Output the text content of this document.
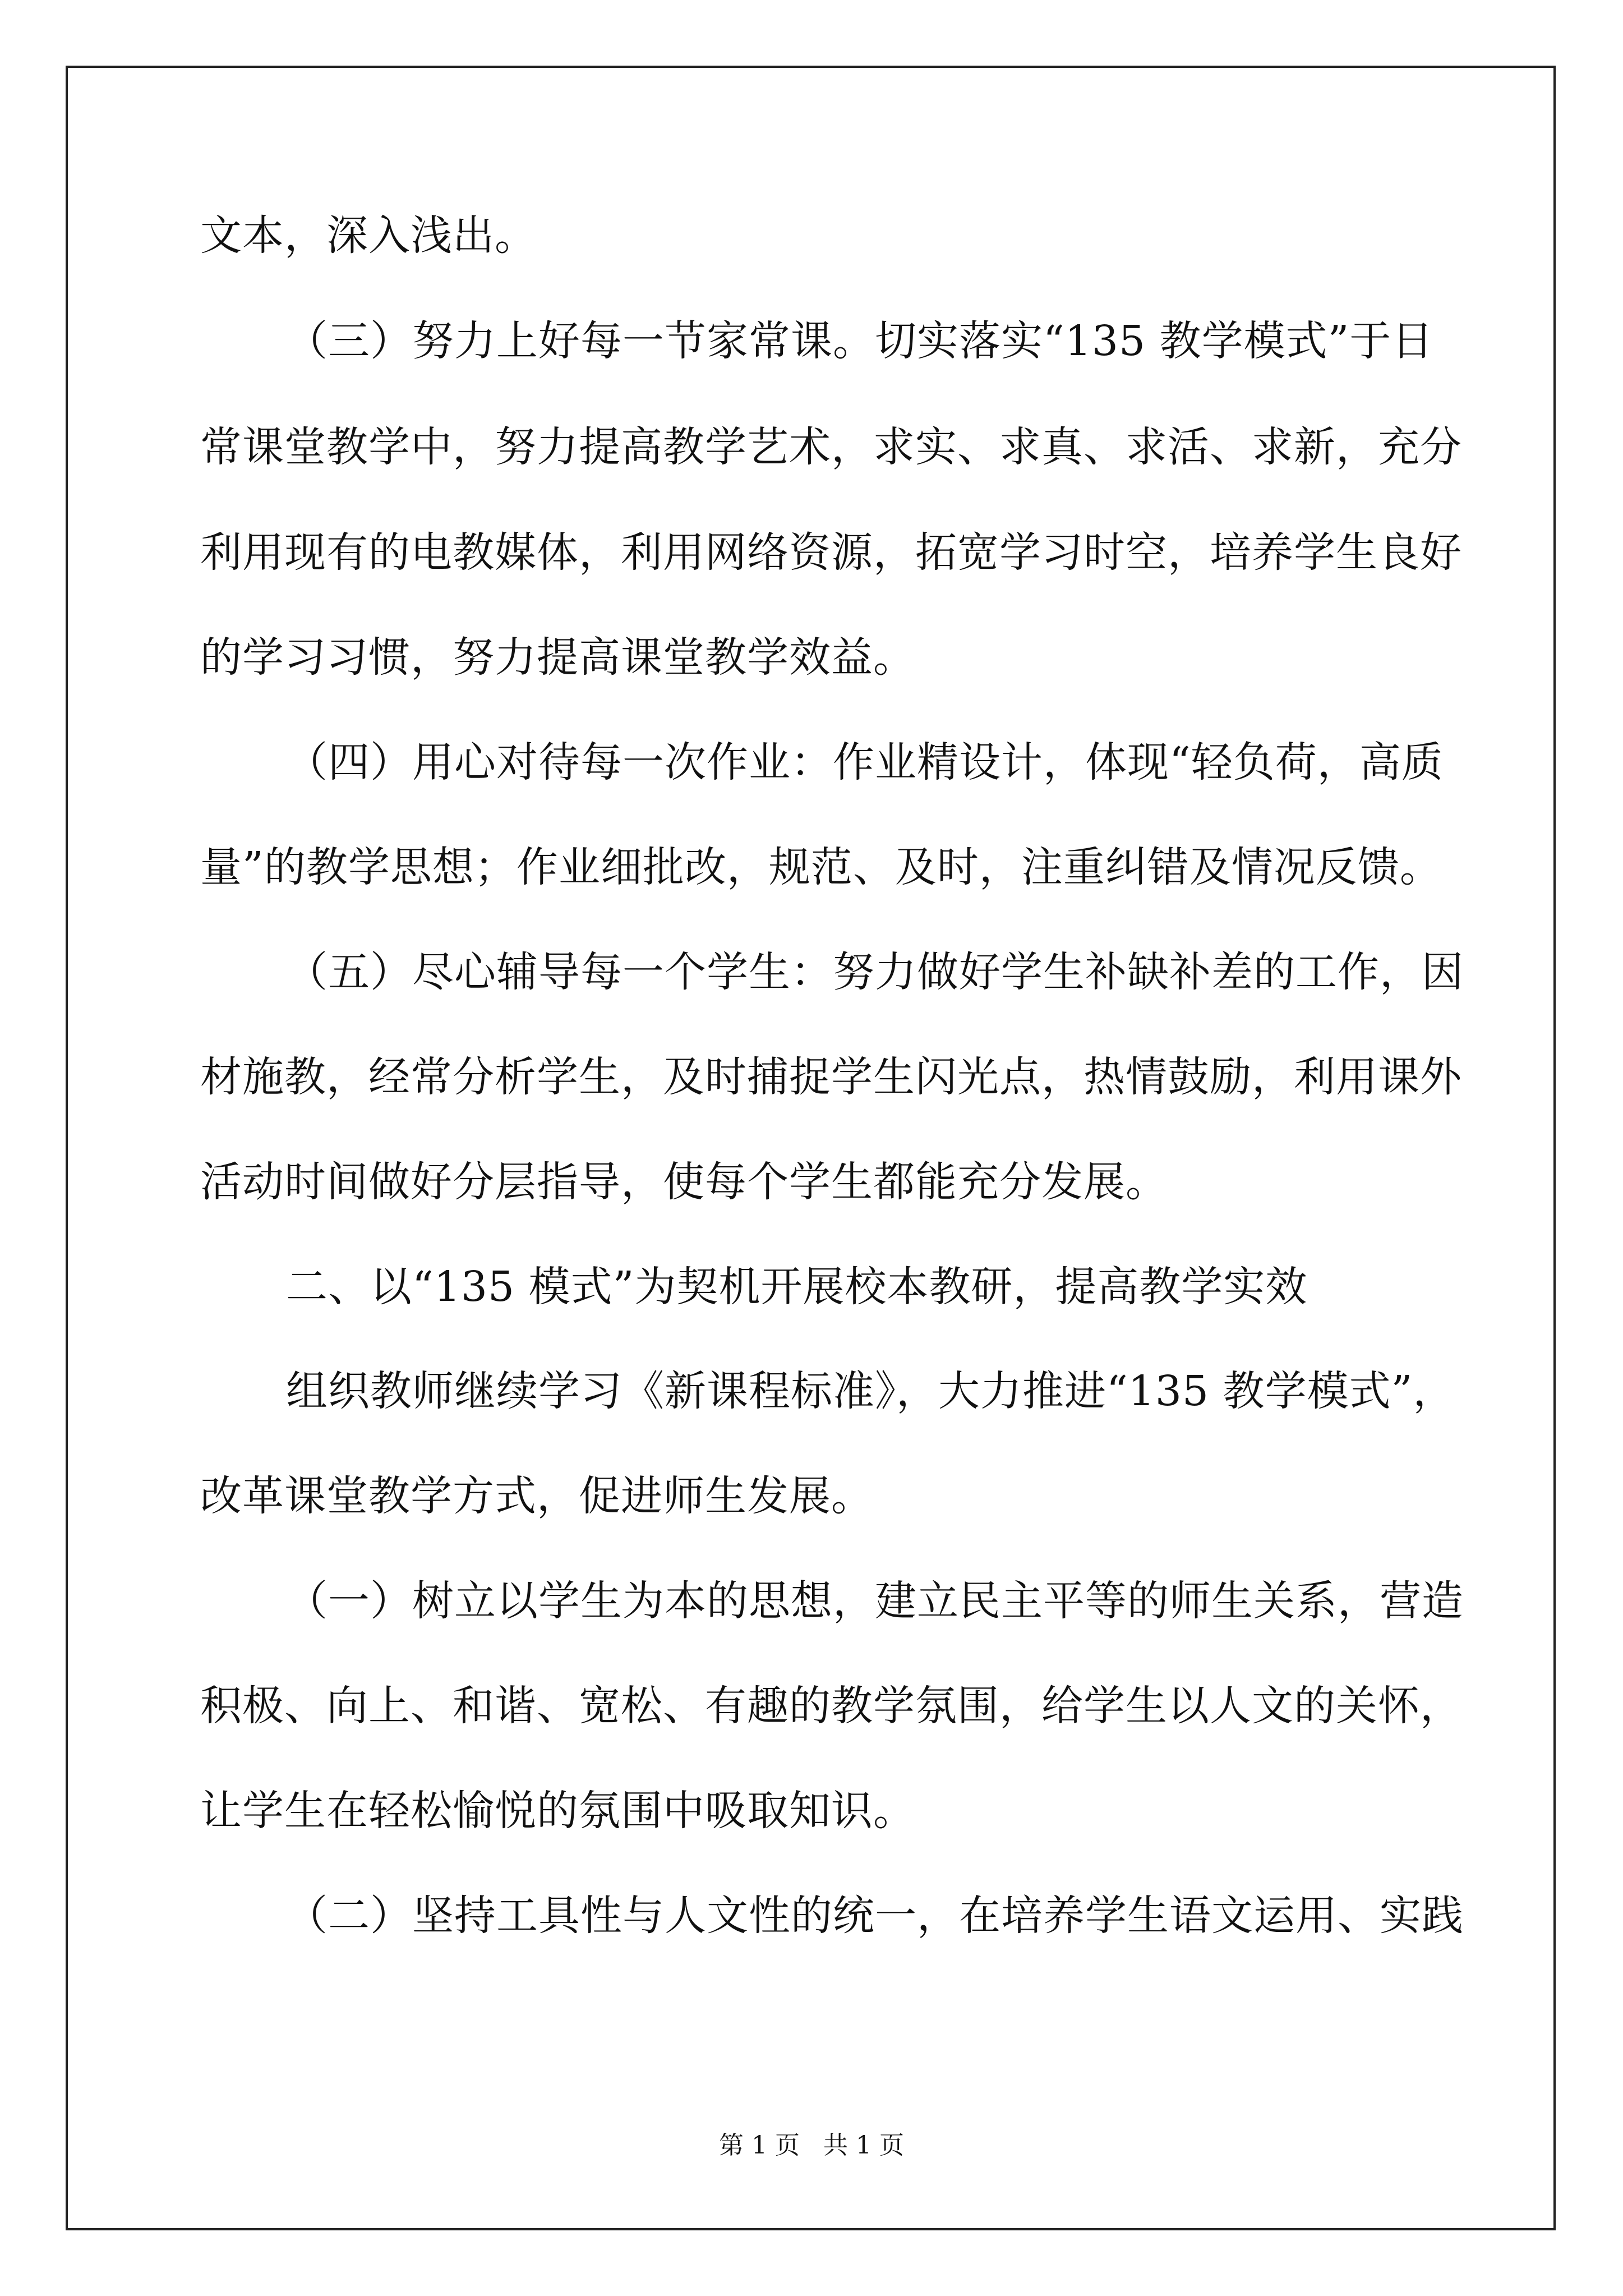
文本，深入浅出。
（三）努力上好每一节家常课。切实落实“135 教学模式”于日
常课堂教学中，努力提高教学艺术，求实、求真、求活、求新，充分
利用现有的电教媒体，利用网络资源，拓宽学习时空，培养学生良好
的学习习惯，努力提高课堂教学效益。
（四）用心对待每一次作业：作业精设计，体现“轻负荷，高质
量”的教学思想；作业细批改，规范、及时，注重纠错及情况反馈。
（五）尽心辅导每一个学生：努力做好学生补缺补差的工作，因
材施教，经常分析学生，及时捕捉学生闪光点，热情鼓励，利用课外
活动时间做好分层指导，使每个学生都能充分发展。
二、以“135 模式”为契机开展校本教研，提高教学实效
组织教师继续学习《新课程标准》，大力推进“135 教学模式”，
改革课堂教学方式，促进师生发展。
（一）树立以学生为本的思想，建立民主平等的师生关系，营造
积极、向上、和谐、宽松、有趣的教学氛围，给学生以人文的关怀，
让学生在轻松愉悦的氛围中吸取知识。
（二）坚持工具性与人文性的统一，在培养学生语文运用、实践
第 1 页   共 1 页
